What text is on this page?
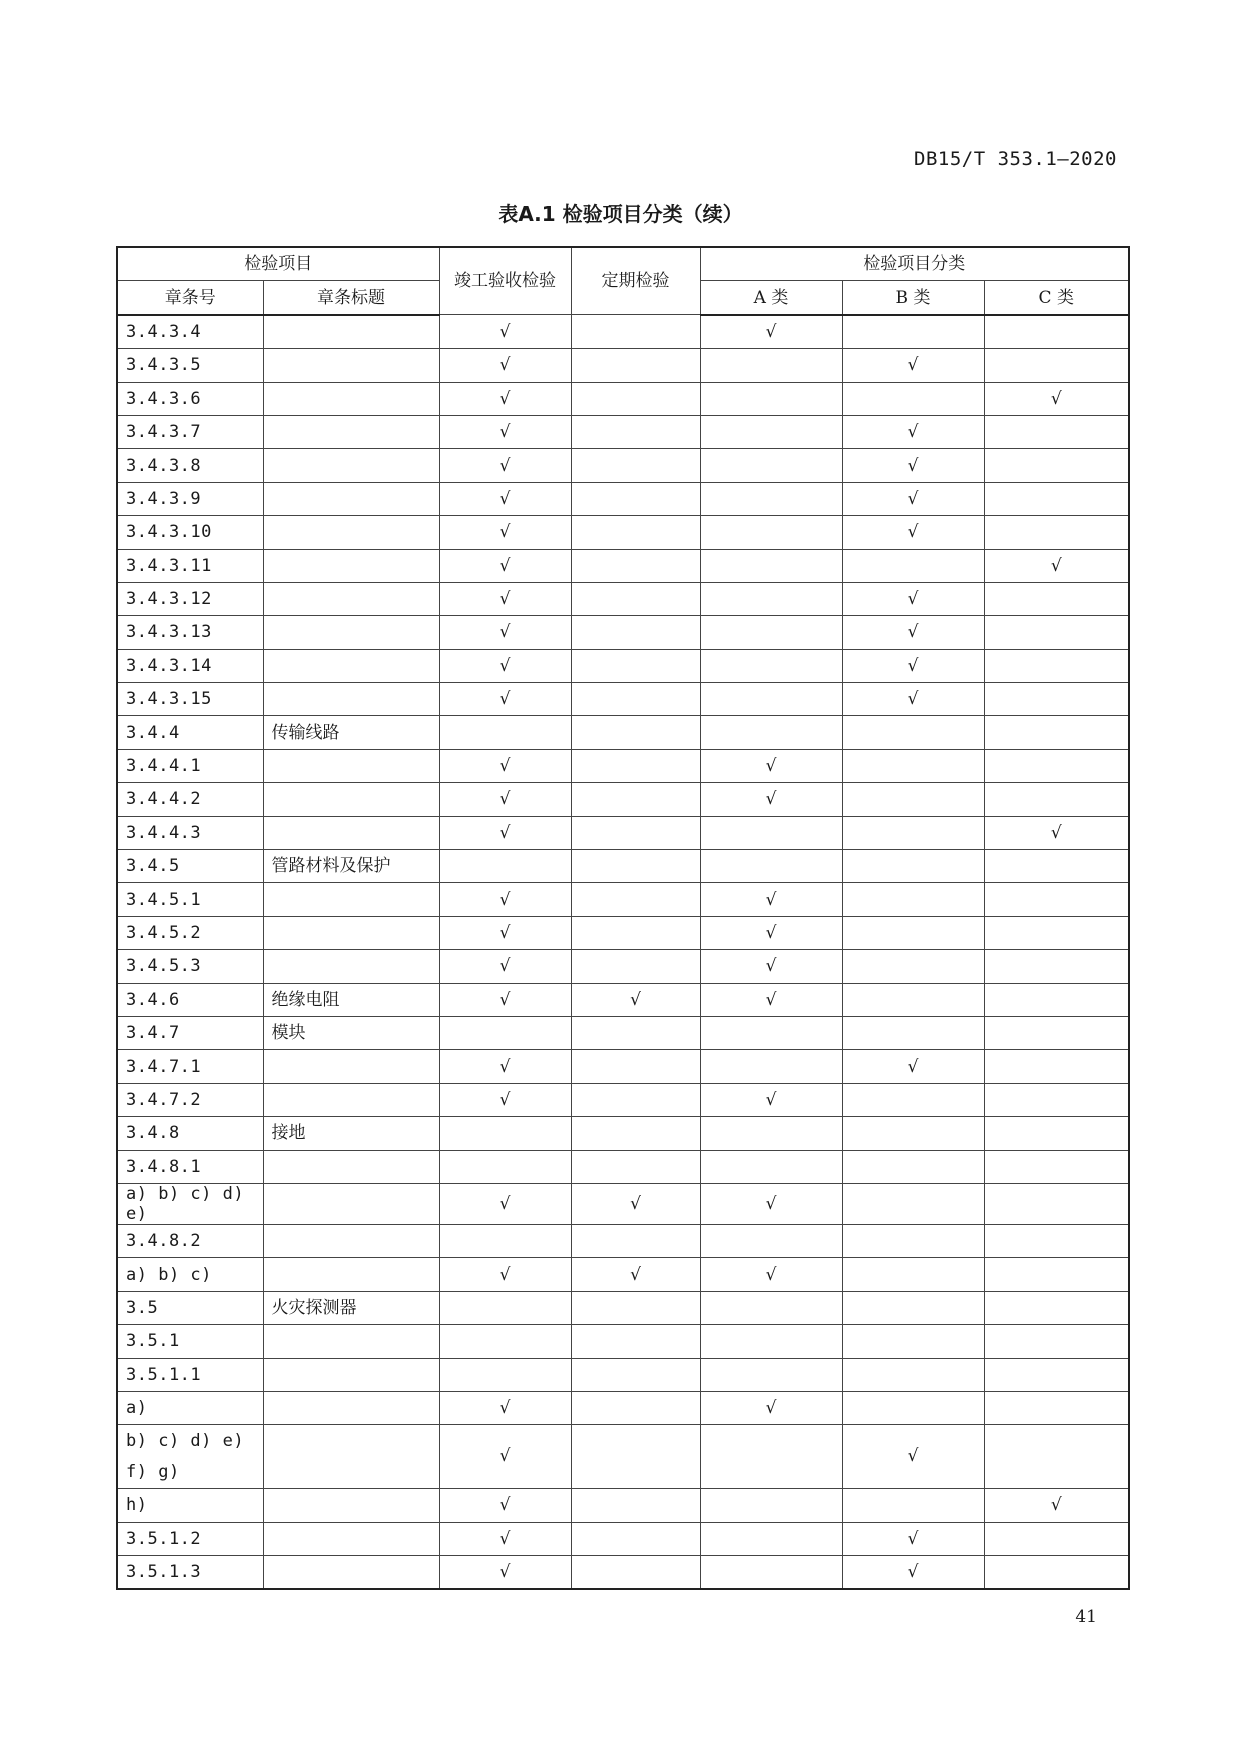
DB15/T 353.1—2020

表A.1 检验项目分类（续）

检验项目		竣工验收检验	定期检验	检验项目分类		
章条号	章条标题			A 类	B 类	C 类
3.4.3.4		√		√		
3.4.3.5		√			√	
3.4.3.6		√				√
3.4.3.7		√			√	
3.4.3.8		√			√	
3.4.3.9		√			√	
3.4.3.10		√			√	
3.4.3.11		√				√
3.4.3.12		√			√	
3.4.3.13		√			√	
3.4.3.14		√			√	
3.4.3.15		√			√	
3.4.4	传输线路					
3.4.4.1		√		√		
3.4.4.2		√		√		
3.4.4.3		√				√
3.4.5	管路材料及保护					
3.4.5.1		√		√		
3.4.5.2		√		√		
3.4.5.3		√		√		
3.4.6	绝缘电阻	√	√	√		
3.4.7	模块					
3.4.7.1		√			√	
3.4.7.2		√		√		
3.4.8	接地					
3.4.8.1						
a) b) c) d) e)		√	√	√		
3.4.8.2						
a) b) c)		√	√	√		
3.5	火灾探测器					
3.5.1						
3.5.1.1						
a)		√		√		
b) c) d) e) f) g)		√			√	
h)		√				√
3.5.1.2		√			√	
3.5.1.3		√			√	

41
